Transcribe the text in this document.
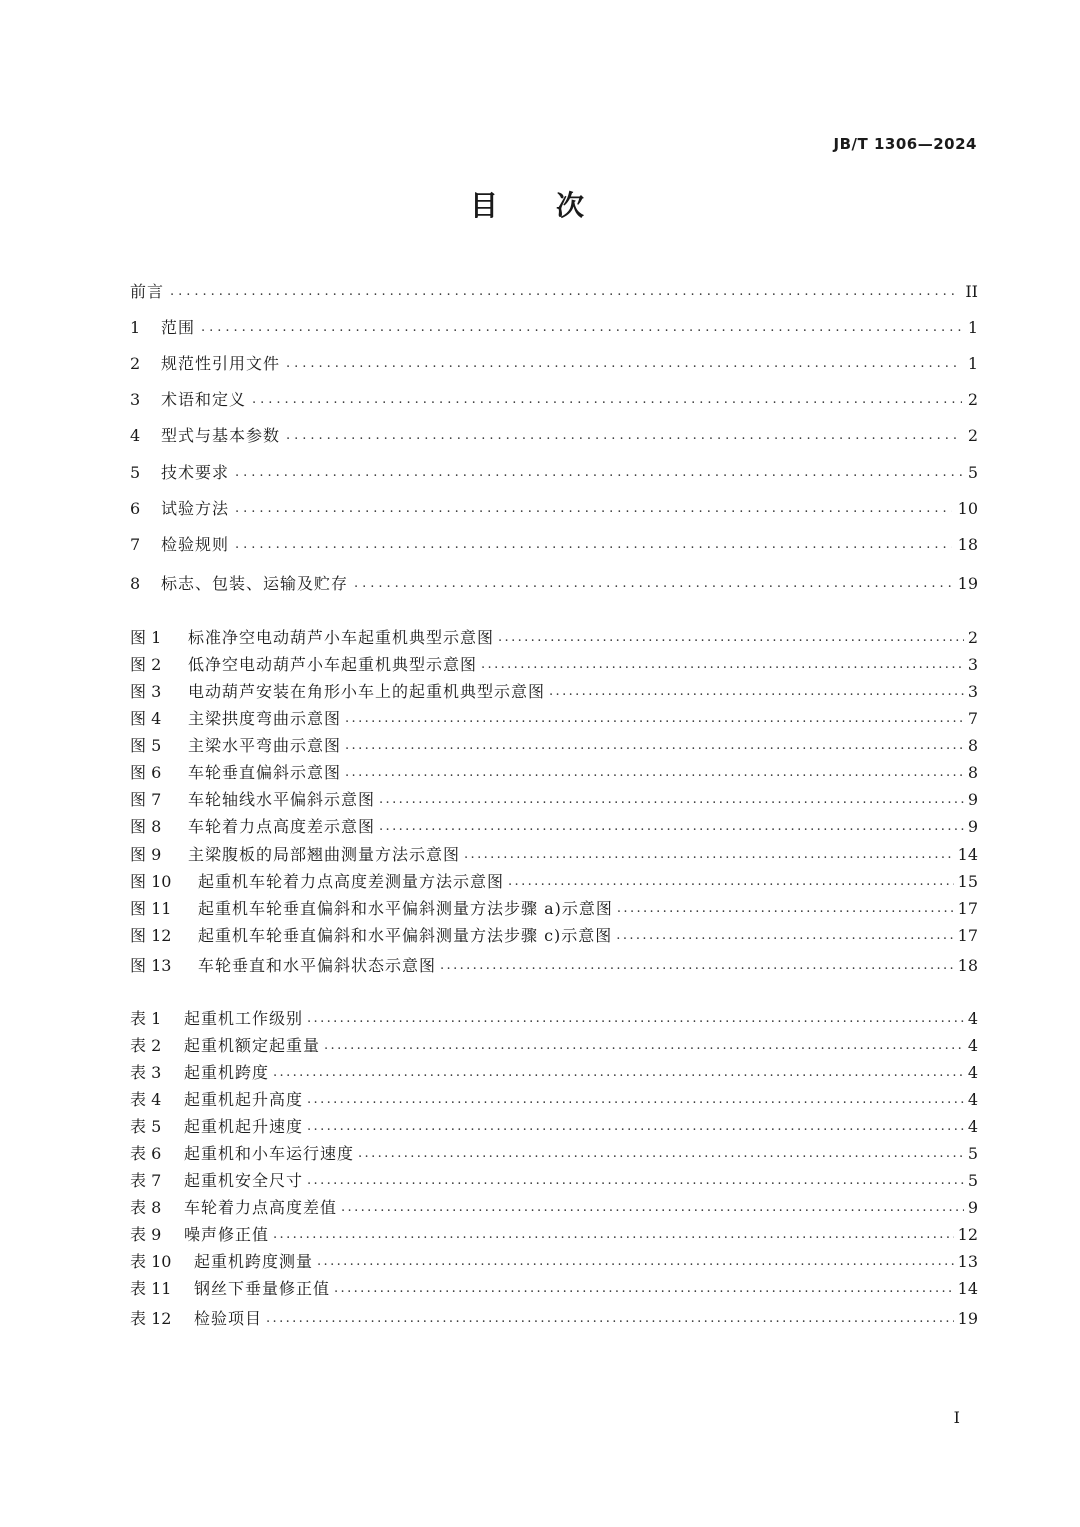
JB/T 1306—2024
目次
前言 .....	II
1	范围 .....	1
2	规范性引用文件 .....	1
3	术语和定义 .....	2
4	型式与基本参数 .....	2
5	技术要求 .....	5
6	试验方法 .....	10
7	检验规则 .....	18
8	标志、包装、运输及贮存 .....	19
图 1	标准净空电动葫芦小车起重机典型示意图 .....	2
图 2	低净空电动葫芦小车起重机典型示意图 .....	3
图 3	电动葫芦安装在角形小车上的起重机典型示意图 .....	3
图 4	主梁拱度弯曲示意图 .....	7
图 5	主梁水平弯曲示意图 .....	8
图 6	车轮垂直偏斜示意图 .....	8
图 7	车轮轴线水平偏斜示意图 .....	9
图 8	车轮着力点高度差示意图 .....	9
图 9	主梁腹板的局部翘曲测量方法示意图 .....	14
图 10	起重机车轮着力点高度差测量方法示意图 .....	15
图 11	起重机车轮垂直偏斜和水平偏斜测量方法步骤 a)示意图 .....	17
图 12	起重机车轮垂直偏斜和水平偏斜测量方法步骤 c)示意图 .....	17
图 13	车轮垂直和水平偏斜状态示意图 .....	18
表 1	起重机工作级别 .....	4
表 2	起重机额定起重量 .....	4
表 3	起重机跨度 .....	4
表 4	起重机起升高度 .....	4
表 5	起重机起升速度 .....	4
表 6	起重机和小车运行速度 .....	5
表 7	起重机安全尺寸 .....	5
表 8	车轮着力点高度差值 .....	9
表 9	噪声修正值 .....	12
表 10	起重机跨度测量 .....	13
表 11	钢丝下垂量修正值 .....	14
表 12	检验项目 .....	19
I
